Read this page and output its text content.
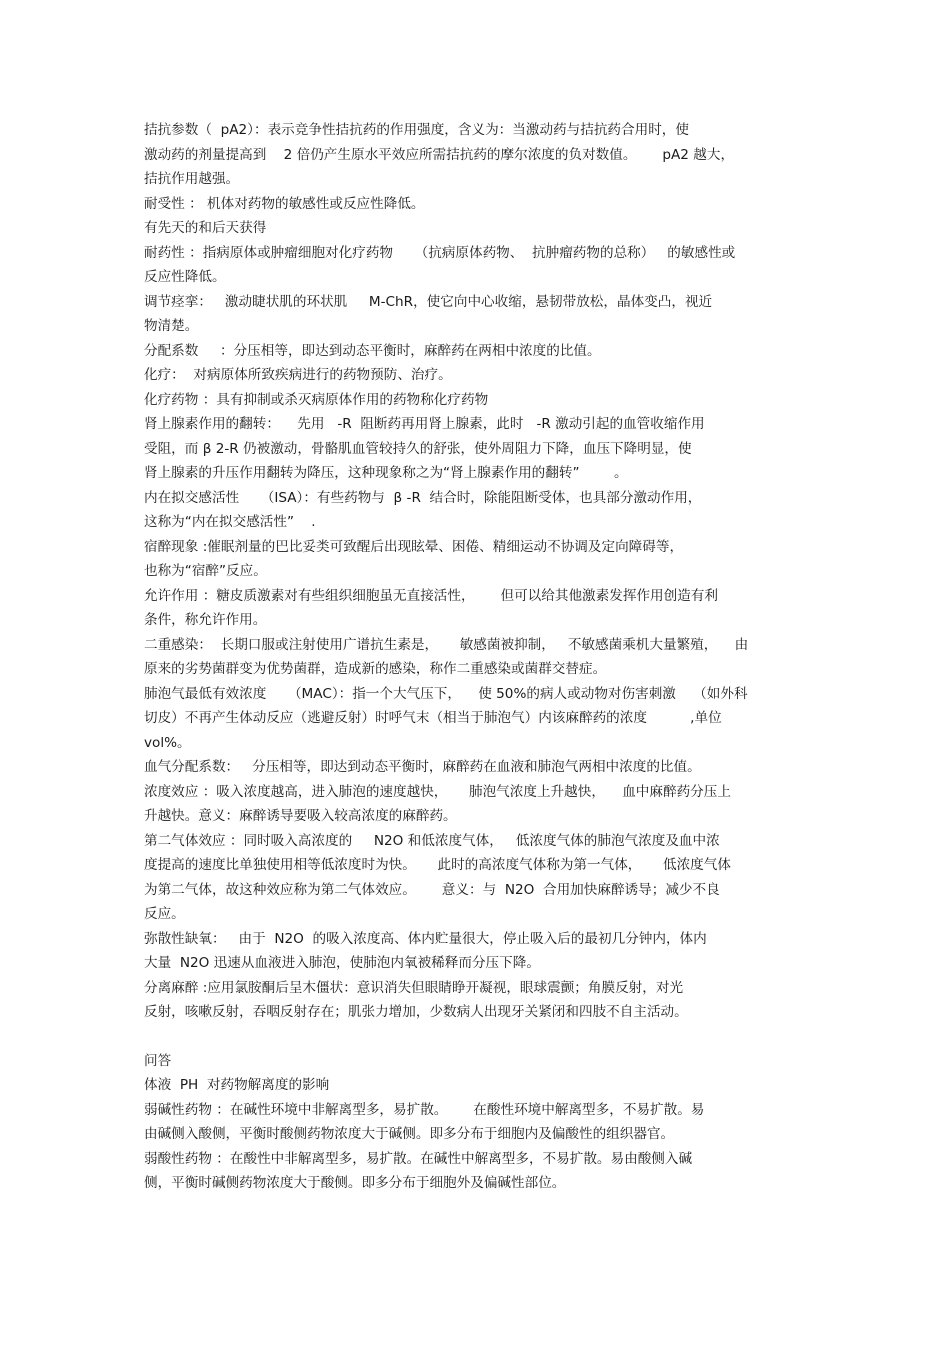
拮抗参数（  pA2）：表示竞争性拮抗药的作用强度，含义为：当激动药与拮抗药合用时，使
激动药的剂量提高到    2 倍仍产生原水平效应所需拮抗药的摩尔浓度的负对数值。      pA2 越大，
拮抗作用越强。
耐受性 ： 机体对药物的敏感性或反应性降低。
有先天的和后天获得
耐药性 ：指病原体或肿瘤细胞对化疗药物     （抗病原体药物、  抗肿瘤药物的总称）   的敏感性或
反应性降低。
调节痉挛：   激动睫状肌的环状肌     M-ChR，使它向中心收缩，悬韧带放松，晶体变凸，视近
物清楚。
分配系数     ：分压相等，即达到动态平衡时，麻醉药在两相中浓度的比值。
化疗：  对病原体所致疾病进行的药物预防、治疗。
化疗药物 ：具有抑制或杀灭病原体作用的药物称化疗药物
肾上腺素作用的翻转：    先用   -R  阻断药再用肾上腺素，此时   -R 激动引起的血管收缩作用
受阻，而 β 2-R 仍被激动，骨骼肌血管较持久的舒张，使外周阻力下降，血压下降明显，使
肾上腺素的升压作用翻转为降压，这种现象称之为“肾上腺素作用的翻转”        。
内在拟交感活性     （ISA）：有些药物与  β -R  结合时，除能阻断受体，也具部分激动作用，
这称为“内在拟交感活性”    .
宿醉现象 :催眠剂量的巴比妥类可致醒后出现眩晕、困倦、精细运动不协调及定向障碍等，
也称为“宿醉”反应。
允许作用 ：糖皮质激素对有些组织细胞虽无直接活性，      但可以给其他激素发挥作用创造有利
条件，称允许作用。
二重感染：  长期口服或注射使用广谱抗生素是，     敏感菌被抑制，   不敏感菌乘机大量繁殖，    由
原来的劣势菌群变为优势菌群，造成新的感染，称作二重感染或菌群交替症。
肺泡气最低有效浓度     （MAC）：指一个大气压下，    使 50%的病人或动物对伤害刺激    （如外科
切皮）不再产生体动反应（逃避反射）时呼气末（相当于肺泡气）内该麻醉药的浓度          ,单位
vol%。
血气分配系数：   分压相等，即达到动态平衡时，麻醉药在血液和肺泡气两相中浓度的比值。
浓度效应 ：吸入浓度越高，进入肺泡的速度越快，     肺泡气浓度上升越快，    血中麻醉药分压上
升越快。意义：麻醉诱导要吸入较高浓度的麻醉药。
第二气体效应 ：同时吸入高浓度的     N2O 和低浓度气体，   低浓度气体的肺泡气浓度及血中浓
度提高的速度比单独使用相等低浓度时为快。     此时的高浓度气体称为第一气体，     低浓度气体
为第二气体，故这种效应称为第二气体效应。      意义：与  N2O  合用加快麻醉诱导；减少不良
反应。
弥散性缺氧：   由于  N2O  的吸入浓度高、体内贮量很大，停止吸入后的最初几分钟内，体内
大量  N2O 迅速从血液进入肺泡，使肺泡内氧被稀释而分压下降。
分离麻醉 :应用氯胺酮后呈木僵状：意识消失但眼睛睁开凝视，眼球震颤；角膜反射，对光
反射，咳嗽反射，吞咽反射存在；肌张力增加，少数病人出现牙关紧闭和四肢不自主活动。
问答
体液  PH  对药物解离度的影响
弱碱性药物 ：在碱性环境中非解离型多，易扩散。      在酸性环境中解离型多，不易扩散。易
由碱侧入酸侧，平衡时酸侧药物浓度大于碱侧。即多分布于细胞内及偏酸性的组织器官。
弱酸性药物 ：在酸性中非解离型多，易扩散。在碱性中解离型多，不易扩散。易由酸侧入碱
侧，平衡时碱侧药物浓度大于酸侧。即多分布于细胞外及偏碱性部位。
